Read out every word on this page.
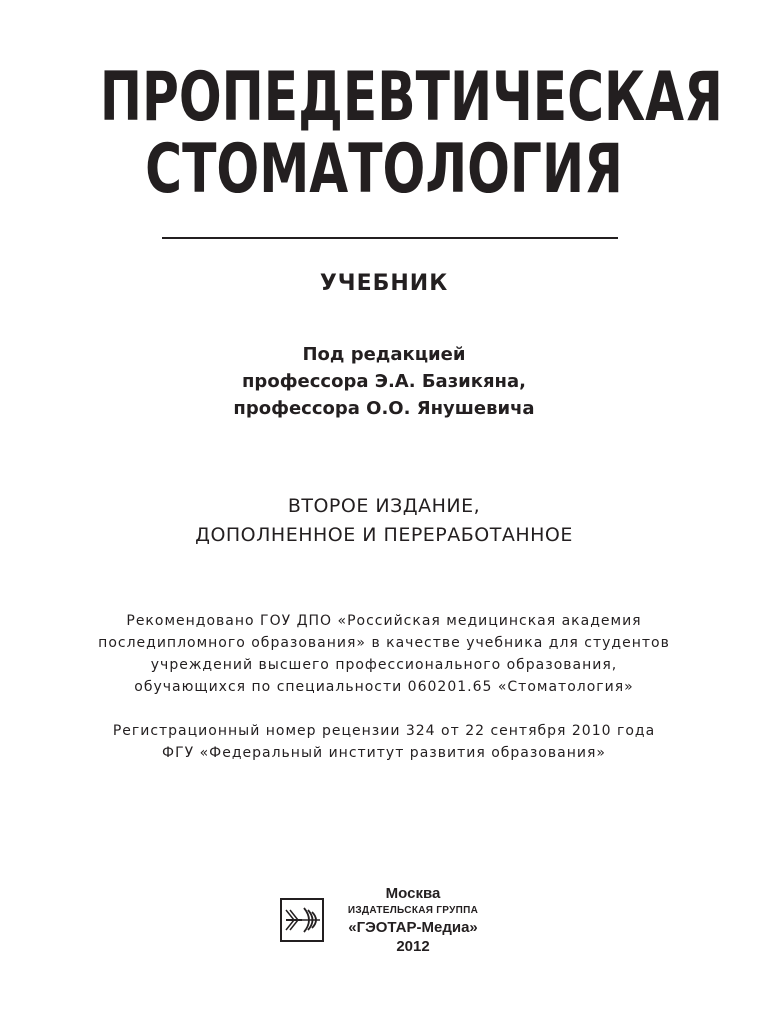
ПРОПЕДЕВТИЧЕСКАЯ
СТОМАТОЛОГИЯ
УЧЕБНИК
Под редакцией
профессора Э.А. Базикяна,
профессора О.О. Янушевича
ВТОРОЕ ИЗДАНИЕ,
ДОПОЛНЕННОЕ И ПЕРЕРАБОТАННОЕ
Рекомендовано ГОУ ДПО «Российская медицинская академия
последипломного образования» в качестве учебника для студентов
учреждений высшего профессионального образования,
обучающихся по специальности 060201.65 «Стоматология»
Регистрационный номер рецензии 324 от 22 сентября 2010 года
ФГУ «Федеральный институт развития образования»
Москва
ИЗДАТЕЛЬСКАЯ ГРУППА
«ГЭОТАР-Медиа»
2012
